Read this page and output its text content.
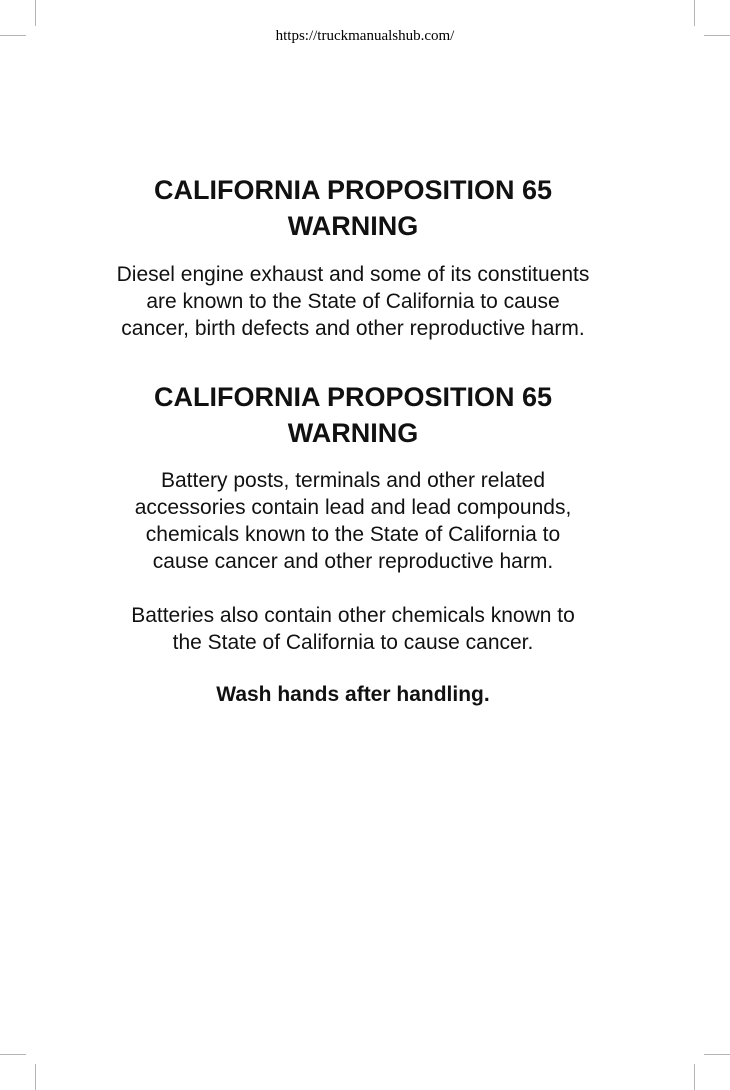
https://truckmanualshub.com/
CALIFORNIA PROPOSITION 65
WARNING

Diesel engine exhaust and some of its constituents
are known to the State of California to cause
cancer, birth defects and other reproductive harm.

CALIFORNIA PROPOSITION 65
WARNING

Battery posts, terminals and other related
accessories contain lead and lead compounds,
chemicals known to the State of California to
cause cancer and other reproductive harm.

Batteries also contain other chemicals known to
the State of California to cause cancer.

Wash hands after handling.
